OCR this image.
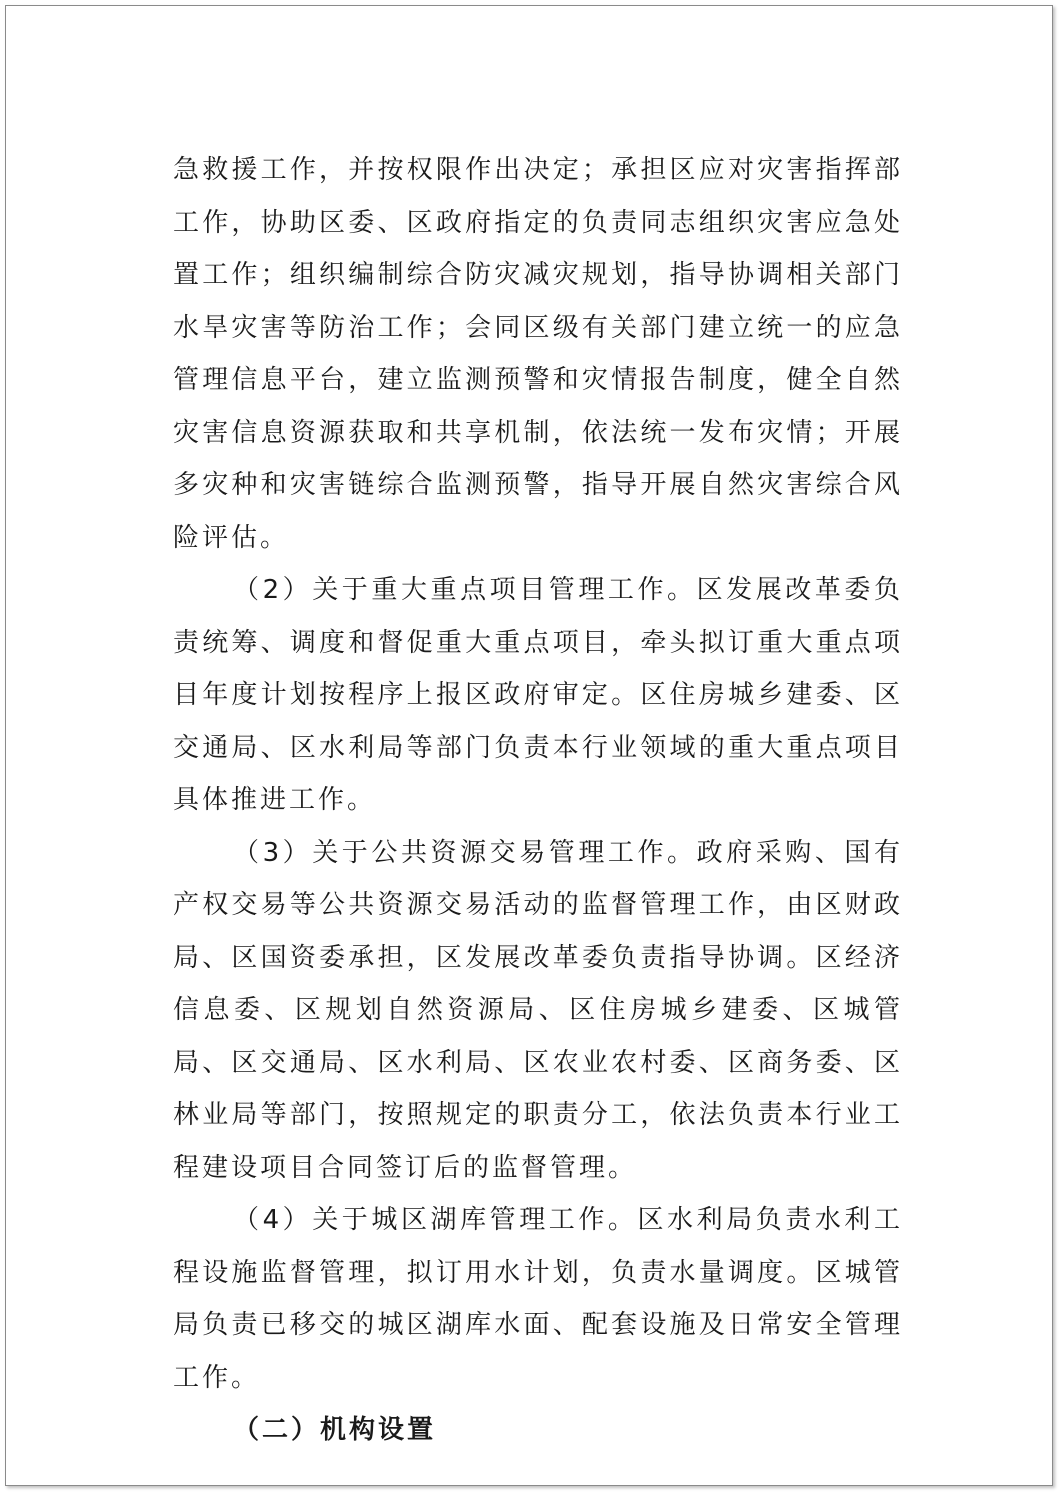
急救援工作，并按权限作出决定；承担区应对灾害指挥部工作，协助区委、区政府指定的负责同志组织灾害应急处置工作；组织编制综合防灾减灾规划，指导协调相关部门水旱灾害等防治工作；会同区级有关部门建立统一的应急管理信息平台，建立监测预警和灾情报告制度，健全自然灾害信息资源获取和共享机制，依法统一发布灾情；开展多灾种和灾害链综合监测预警，指导开展自然灾害综合风险评估。

（2）关于重大重点项目管理工作。区发展改革委负责统筹、调度和督促重大重点项目，牵头拟订重大重点项目年度计划按程序上报区政府审定。区住房城乡建委、区交通局、区水利局等部门负责本行业领域的重大重点项目具体推进工作。

（3）关于公共资源交易管理工作。政府采购、国有产权交易等公共资源交易活动的监督管理工作，由区财政局、区国资委承担，区发展改革委负责指导协调。区经济信息委、区规划自然资源局、区住房城乡建委、区城管局、区交通局、区水利局、区农业农村委、区商务委、区林业局等部门，按照规定的职责分工，依法负责本行业工程建设项目合同签订后的监督管理。

（4）关于城区湖库管理工作。区水利局负责水利工程设施监督管理，拟订用水计划，负责水量调度。区城管局负责已移交的城区湖库水面、配套设施及日常安全管理工作。

（二）机构设置
